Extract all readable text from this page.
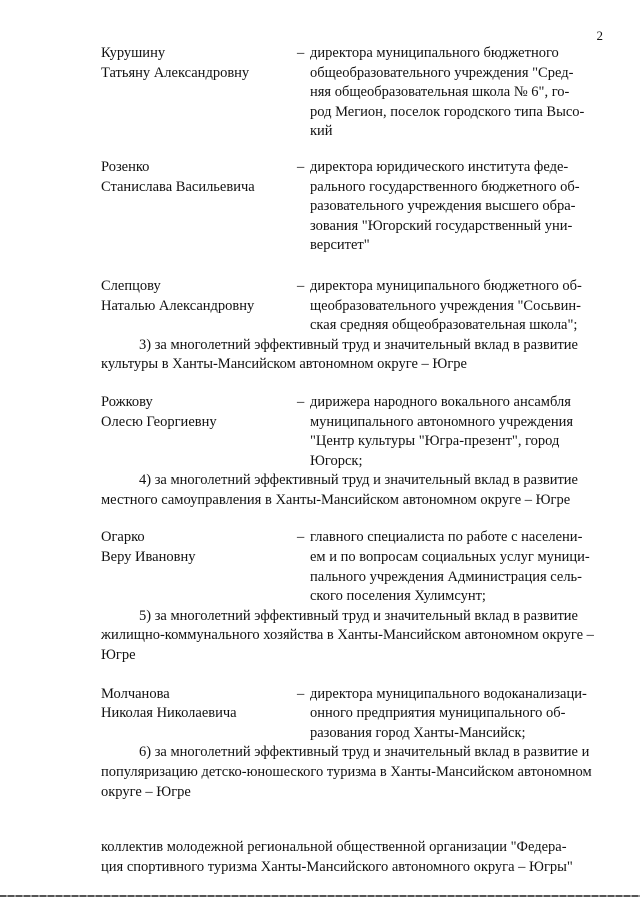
2
Курушину
Татьяну Александровну
– директора муниципального бюджетного
общеобразовательного учреждения "Сред-
няя общеобразовательная школа № 6", го-
род Мегион, поселок городского типа Высо-
кий
Розенко
Станислава Васильевича
– директора юридического института феде-
рального государственного бюджетного об-
разовательного учреждения высшего обра-
зования "Югорский государственный уни-
верситет"
Слепцову
Наталью Александровну
– директора муниципального бюджетного об-
щеобразовательного учреждения "Сосьвин-
ская средняя общеобразовательная школа";
3) за многолетний эффективный труд и значительный вклад в развитие
культуры в Ханты-Мансийском автономном округе – Югре
Рожкову
Олесю Георгиевну
– дирижера народного вокального ансамбля
муниципального автономного учреждения
"Центр культуры "Югра-презент", город
Югорск;
4) за многолетний эффективный труд и значительный вклад в развитие
местного самоуправления в Ханты-Мансийском автономном округе – Югре
Огарко
Веру Ивановну
– главного специалиста по работе с населени-
ем и по вопросам социальных услуг муници-
пального учреждения Администрация сель-
ского поселения Хулимсунт;
5) за многолетний эффективный труд и значительный вклад в развитие
жилищно-коммунального хозяйства в Ханты-Мансийском автономном округе –
Югре
Молчанова
Николая Николаевича
– директора муниципального водоканализаци-
онного предприятия муниципального об-
разования город Ханты-Мансийск;
6) за многолетний эффективный труд и значительный вклад в развитие и
популяризацию детско-юношеского туризма в Ханты-Мансийском автономном
округе – Югре
коллектив молодежной региональной общественной организации "Федера-
ция спортивного туризма Ханты-Мансийского автономного округа – Югры"
